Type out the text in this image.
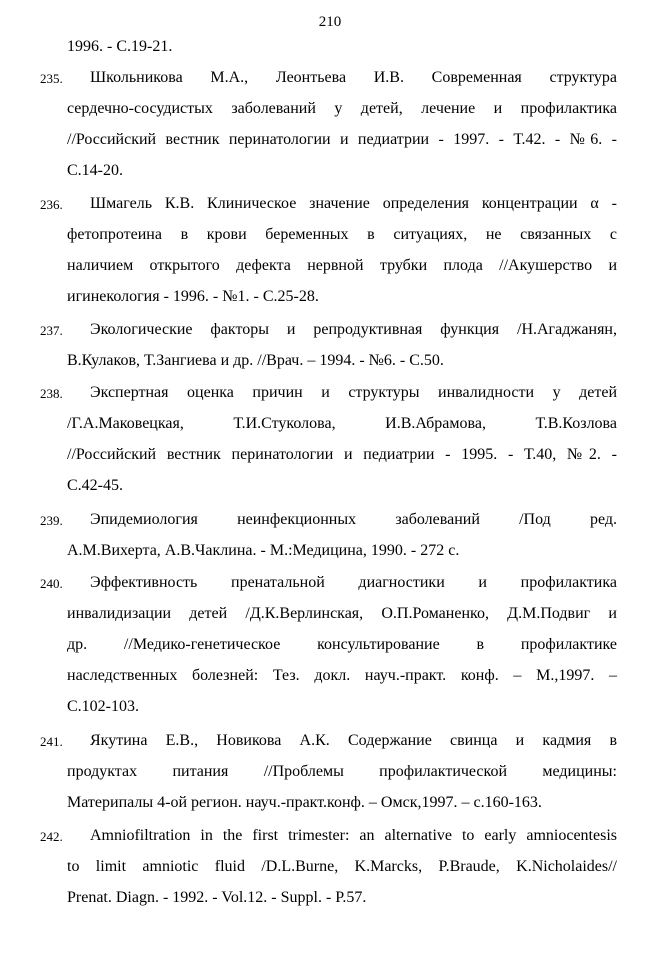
210
1996. - С.19-21.
235.	Школьникова М.А., Леонтьева И.В. Современная структура
сердечно-сосудистых заболеваний у детей, лечение и профилактика
//Российский вестник перинатологии и педиатрии - 1997. - Т.42. - №6. -
С.14-20.
236.	Шмагель К.В. Клиническое значение определения концентрации α -
фетопротеина в крови беременных в ситуациях, не связанных с
наличием открытого дефекта нервной трубки плода //Акушерство и
игинекология - 1996. - №1. - С.25-28.
237.	Экологические факторы и репродуктивная функция /Н.Агаджанян,
В.Кулаков, Т.Зангиева и др. //Врач. – 1994. - №6. - С.50.
238.	Экспертная оценка причин и структуры инвалидности у детей
/Г.А.Маковецкая, Т.И.Стуколова, И.В.Абрамова, Т.В.Козлова
//Российский вестник перинатологии и педиатрии - 1995. - Т.40, №2. -
С.42-45.
239.	Эпидемиология неинфекционных заболеваний /Под ред.
А.М.Вихерта, А.В.Чаклина. - М.:Медицина, 1990. - 272 с.
240.	Эффективность пренатальной диагностики и профилактика
инвалидизации детей /Д.К.Верлинская, О.П.Романенко, Д.М.Подвиг и
др. //Медико-генетическое консультирование в профилактике
наследственных болезней: Тез. докл. науч.-практ. конф. – М.,1997. –
С.102-103.
241.	Якутина Е.В., Новикова А.К. Содержание свинца и кадмия в
продуктах питания //Проблемы профилактической медицины:
Материпалы 4-ой регион. науч.-практ.конф. – Омск,1997. – с.160-163.
242.	Amniofiltration in the first trimester: an alternative to early amniocentesis
to limit amniotic fluid /D.L.Burne, K.Marcks, P.Braude, K.Nicholaides//
Prenat. Diagn. - 1992. - Vol.12. - Suppl. - P.57.
